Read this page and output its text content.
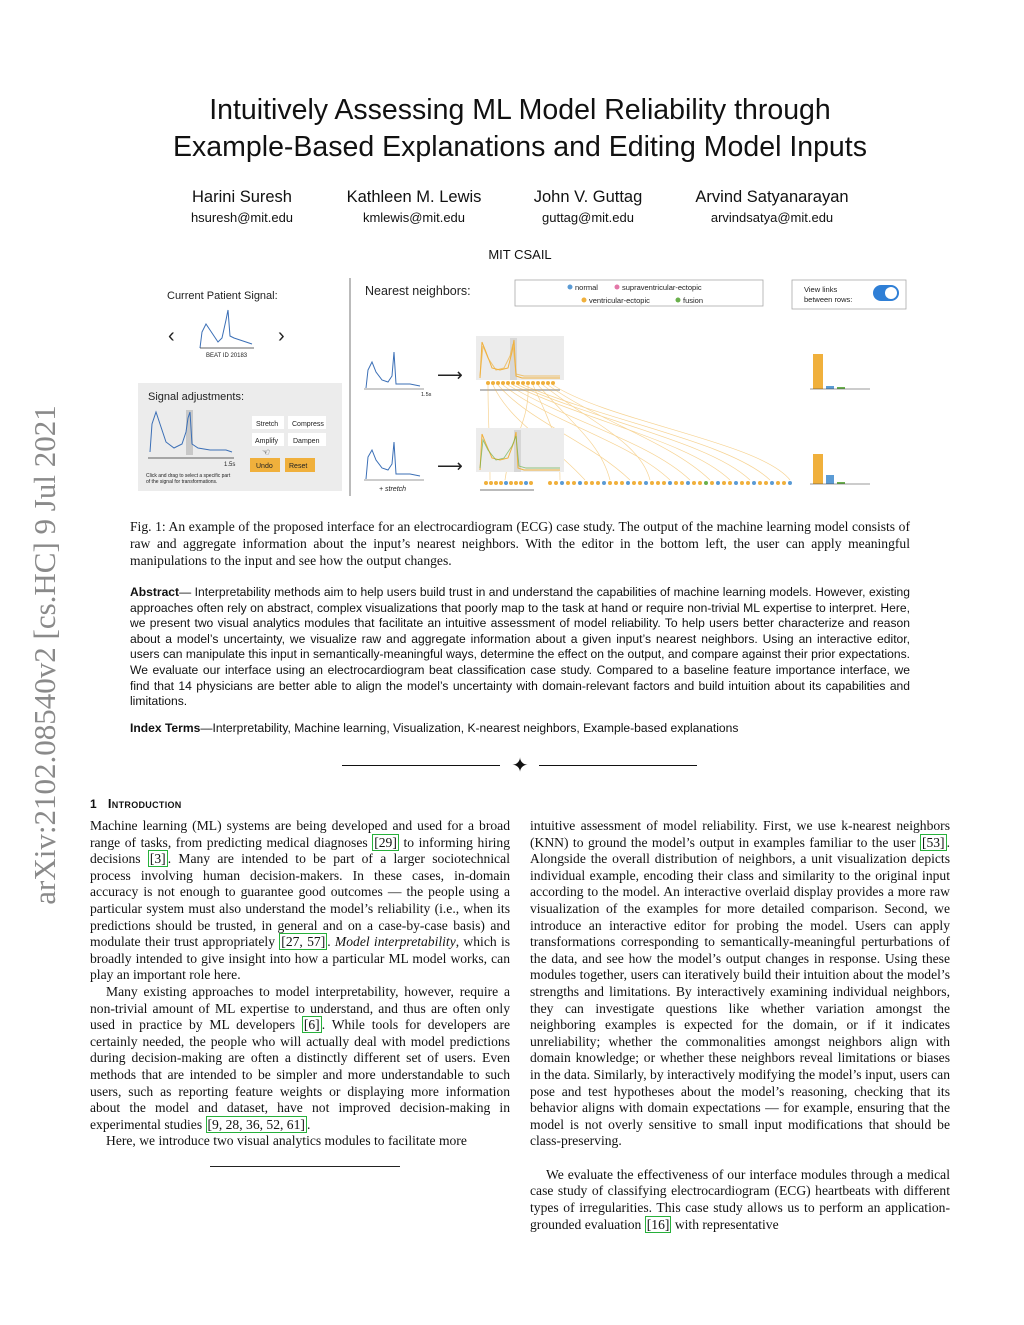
arXiv:2102.08540v2 [cs.HC] 9 Jul 2021
Intuitively Assessing ML Model Reliability through
Example-Based Explanations and Editing Model Inputs
Harini Suresh
hsuresh@mit.edu
Kathleen M. Lewis
kmlewis@mit.edu
John V. Guttag
guttag@mit.edu
Arvind Satyanarayan
arvindsatya@mit.edu
MIT CSAIL
Current Patient Signal:
‹	›
BEAT ID 20183
Signal adjustments:
1.5s
Click and drag to select a specific part
of the signal for transformations.
Stretch Compress
Amplify Dampen
☜
Undo Reset
Nearest neighbors:	normal	supraventricular-ectopic
ventricular-ectopic	fusion
View links
between rows:
1.5s
⟶
+ stretch
⟶
Fig. 1: An example of the proposed interface for an electrocardiogram (ECG) case study. The output of the machine learning model consists of raw and aggregate information about the input’s nearest neighbors. With the editor in the bottom left, the user can apply meaningful manipulations to the input and see how the output changes.
Abstract— Interpretability methods aim to help users build trust in and understand the capabilities of machine learning models. However, existing approaches often rely on abstract, complex visualizations that poorly map to the task at hand or require non-trivial ML expertise to interpret. Here, we present two visual analytics modules that facilitate an intuitive assessment of model reliability. To help users better characterize and reason about a model’s uncertainty, we visualize raw and aggregate information about a given input’s nearest neighbors. Using an interactive editor, users can manipulate this input in semantically-meaningful ways, determine the effect on the output, and compare against their prior expectations. We evaluate our interface using an electrocardiogram beat classification case study. Compared to a baseline feature importance interface, we find that 14 physicians are better able to align the model’s uncertainty with domain-relevant factors and build intuition about its capabilities and limitations.
Index Terms—Interpretability, Machine learning, Visualization, K-nearest neighbors, Example-based explanations
✦
1 Introduction

Machine learning (ML) systems are being developed and used for a broad range of tasks, from predicting medical diagnoses [29] to informing hiring decisions [3] . Many are intended to be part of a larger sociotechnical process involving human decision-makers. In these cases, in-domain accuracy is not enough to guarantee good outcomes — the people using a particular system must also understand the model’s reliability (i.e., when its predictions should be trusted, in general and on a case-by-case basis) and modulate their trust appropriately [27, 57] . Model interpretability, which is broadly intended to give insight into how a particular ML model works, can play an important role here.

Many existing approaches to model interpretability, however, require a non-trivial amount of ML expertise to understand, and thus are often only used in practice by ML developers [6] . While tools for developers are certainly needed, the people who will actually deal with model predictions during decision-making are often a distinctly different set of users. Even methods that are intended to be simpler and more understandable to such users, such as reporting feature weights or displaying more information about the model and dataset, have not improved decision-making in experimental studies [9, 28, 36, 52, 61] .

Here, we introduce two visual analytics modules to facilitate more

intuitive assessment of model reliability. First, we use k-nearest neighbors (KNN) to ground the model’s output in examples familiar to the user [53] . Alongside the overall distribution of neighbors, a unit visualization depicts individual example, encoding their class and similarity to the original input according to the model. An interactive overlaid display provides a more raw visualization of the examples for more detailed comparison. Second, we introduce an interactive editor for probing the model. Users can apply transformations corresponding to semantically-meaningful perturbations of the data, and see how the model’s output changes in response. Using these modules together, users can iteratively build their intuition about the model’s strengths and limitations. By interactively examining individual neighbors, they can investigate questions like whether variation amongst the neighboring examples is expected for the domain, or if it indicates unreliability; whether the commonalities amongst neighbors align with domain knowledge; or whether these neighbors reveal limitations or biases in the data. Similarly, by interactively modifying the model’s input, users can pose and test hypotheses about the model’s reasoning, checking that its behavior aligns with domain expectations — for example, ensuring that the model is not overly sensitive to small input modifications that should be class-preserving.

We evaluate the effectiveness of our interface modules through a medical case study of classifying electrocardiogram (ECG) heartbeats with different types of irregularities. This case study allows us to perform an application-grounded evaluation [16] with representative
